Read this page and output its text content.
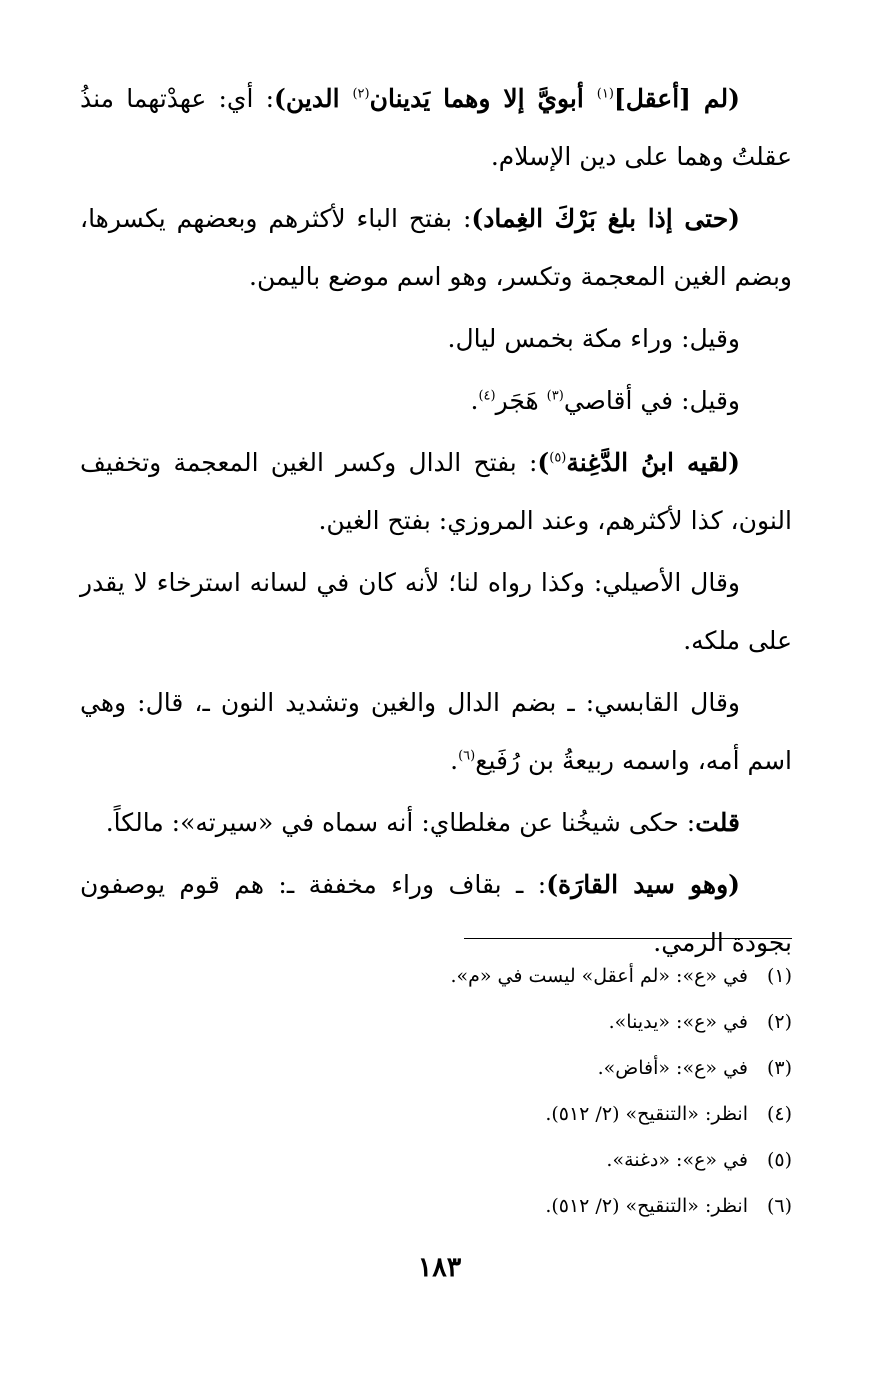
(لم [أعقل]$^{(١)}$ أبويَّ إلا وهما يَدينان$^{(٢)}$ الدين): أي: عهدْتهما منذُ عقلتُ وهما على دين الإسلام.

(حتى إذا بلغ بَرْكَ الغِماد): بفتح الباء لأكثرهم وبعضهم يكسرها، وبضم الغين المعجمة وتكسر، وهو اسم موضع باليمن.

وقيل: وراء مكة بخمس ليال.

وقيل: في أقاصي$^{(٣)}$ هَجَر$^{(٤)}$.

(لقيه ابنُ الدَّغِنة$^{(٥)}$): بفتح الدال وكسر الغين المعجمة وتخفيف النون، كذا لأكثرهم، وعند المروزي: بفتح الغين.

وقال الأصيلي: وكذا رواه لنا؛ لأنه كان في لسانه استرخاء لا يقدر على ملكه.

وقال القابسي: ـ بضم الدال والغين وتشديد النون ـ، قال: وهي اسم أمه، واسمه ربيعةُ بن رُفَيع$^{(٦)}$.

قلت: حكى شيخُنا عن مغلطاي: أنه سماه في «سيرته»: مالكاً.

(وهو سيد القارَة): ـ بقاف وراء مخففة ـ: هم قوم يوصفون بجودة الرمي.

(١)في «ع»: «لم أعقل» ليست في «م».

(٢)في «ع»: «يدينا».

(٣)في «ع»: «أفاض».

(٤)انظر: «التنقيح» (٢/ ٥١٢).

(٥)في «ع»: «دغنة».

(٦)انظر: «التنقيح» (٢/ ٥١٢).

١٨٣
